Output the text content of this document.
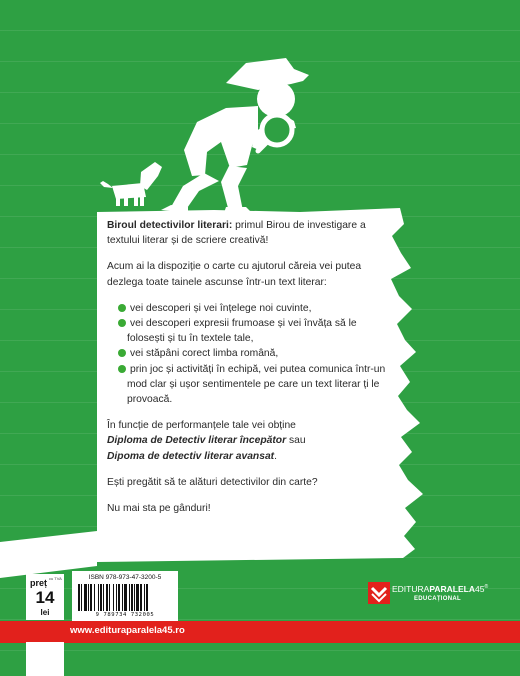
Biroul detectivilor literari: primul Birou de investigare a textului literar și de scriere creativă!

Acum ai la dispoziție o carte cu ajutorul căreia vei putea dezlega toate tainele ascunse într-un text literar:

vei descoperi și vei înțelege noi cuvinte,
vei descoperi expresii frumoase și vei învăța să le folosești și tu în textele tale,
vei stăpâni corect limba română,
prin joc și activități în echipă, vei putea comunica într-un mod clar și ușor sentimentele pe care un text literar ți le provoacă.

În funcție de performanțele tale vei obține
Diploma de Detectiv literar începător sau
Dipoma de detectiv literar avansat.

Ești pregătit să te alături detectivilor din carte?

Nu mai sta pe gânduri!

preț cu TVA
14
lei
ISBN 978-973-47-3200-5
9 789734 732005
www.edituraparalela45.ro
EDITURAPARALELA45®
EDUCAȚIONAL
